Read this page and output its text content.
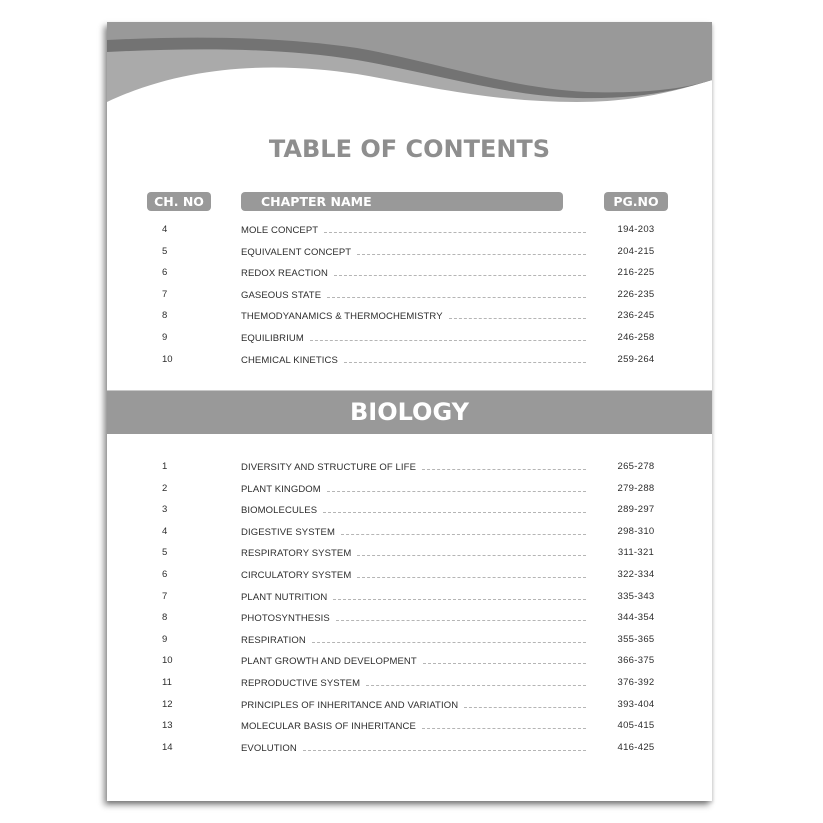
TABLE OF CONTENTS
CH. NO	CHAPTER NAME	PG.NO
4	MOLE CONCEPT	194-203
5	EQUIVALENT CONCEPT	204-215
6	REDOX REACTION	216-225
7	GASEOUS STATE	226-235
8	THEMODYANAMICS & THERMOCHEMISTRY	236-245
9	EQUILIBRIUM	246-258
10	CHEMICAL KINETICS	259-264
BIOLOGY
1	DIVERSITY AND STRUCTURE OF LIFE	265-278
2	PLANT KINGDOM	279-288
3	BIOMOLECULES	289-297
4	DIGESTIVE SYSTEM	298-310
5	RESPIRATORY SYSTEM	311-321
6	CIRCULATORY SYSTEM	322-334
7	PLANT NUTRITION	335-343
8	PHOTOSYNTHESIS	344-354
9	RESPIRATION	355-365
10	PLANT GROWTH AND DEVELOPMENT	366-375
11	REPRODUCTIVE SYSTEM	376-392
12	PRINCIPLES OF INHERITANCE AND VARIATION	393-404
13	MOLECULAR BASIS OF INHERITANCE	405-415
14	EVOLUTION	416-425
